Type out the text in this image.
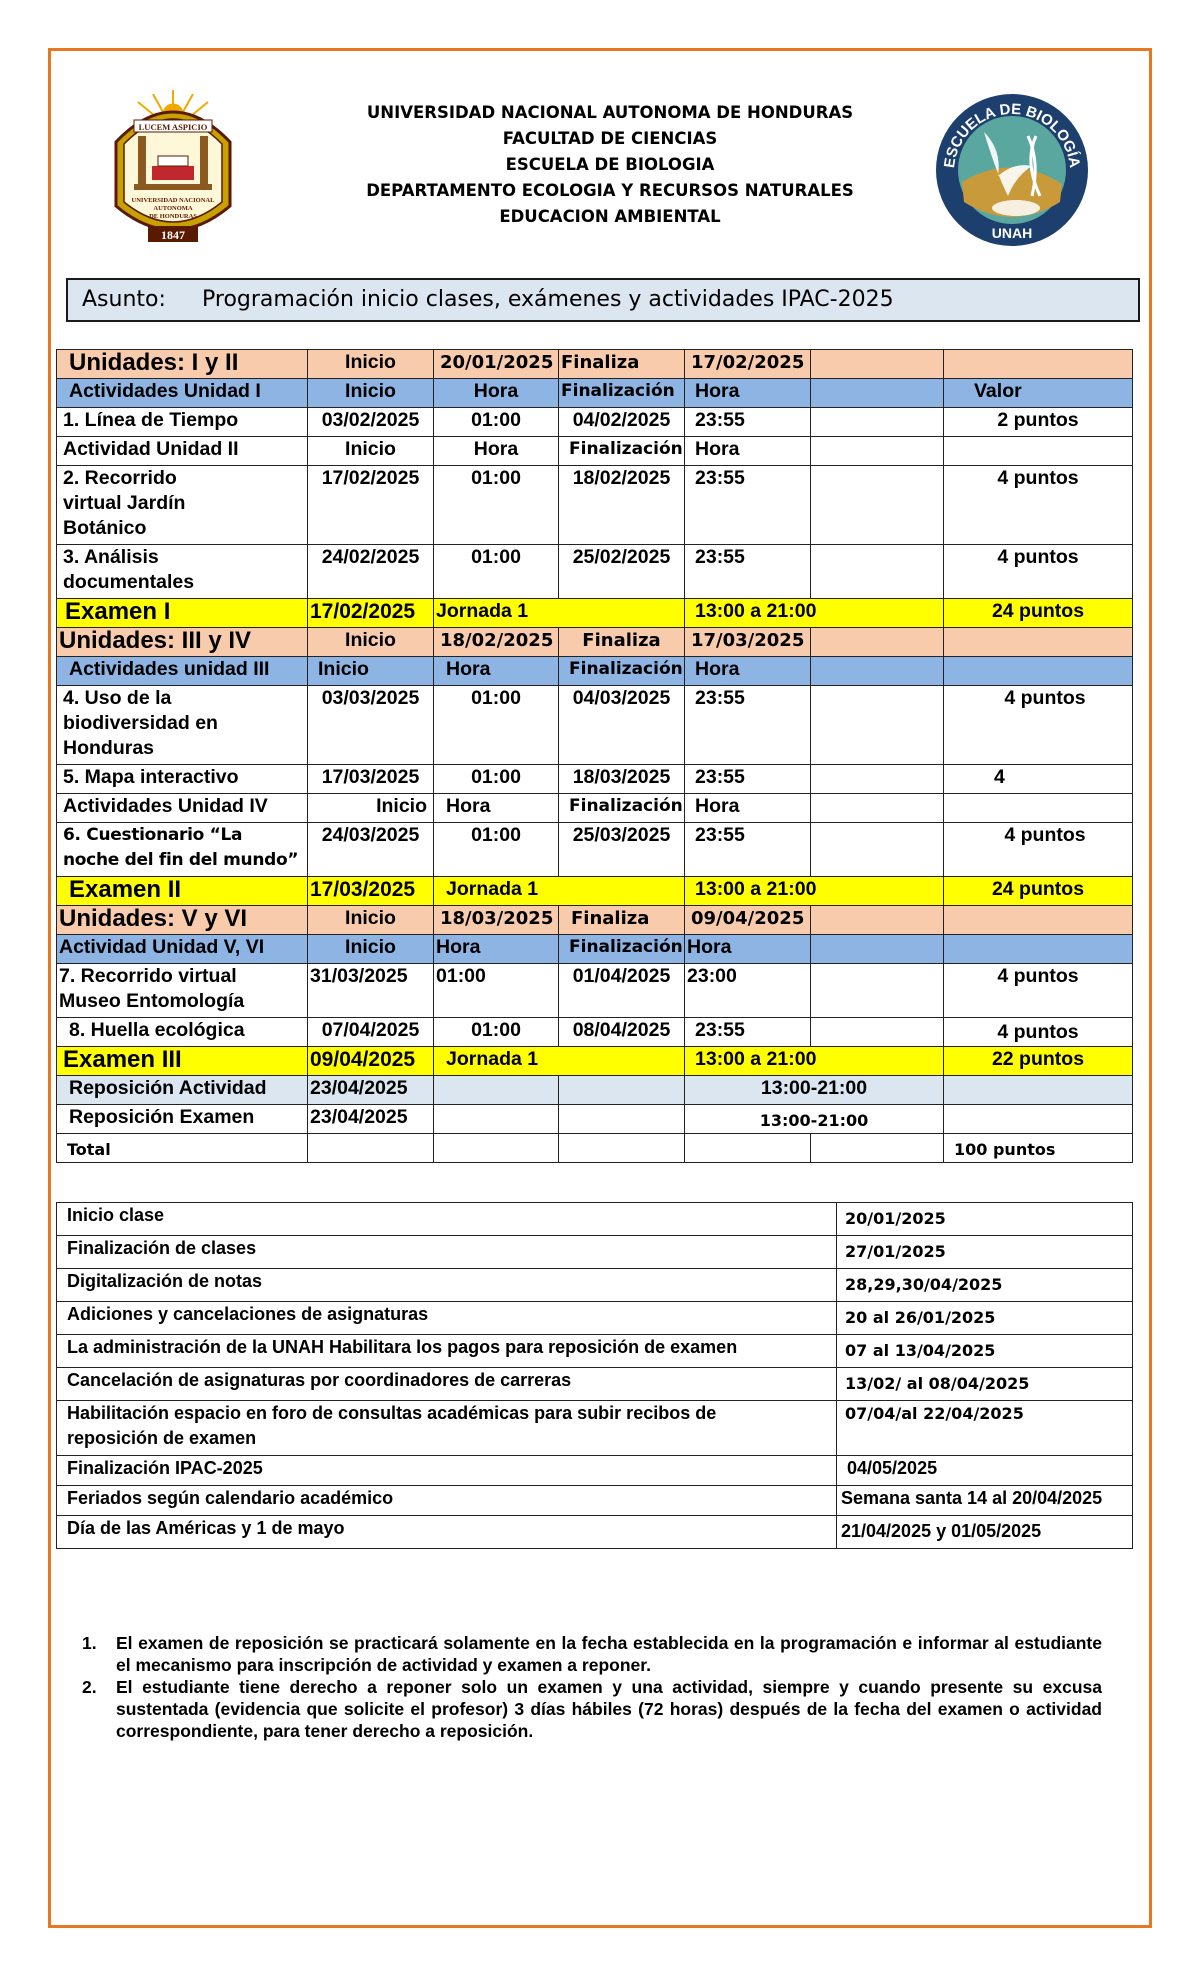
LUCEM ASPICIO
UNIVERSIDAD NACIONAL
AUTONOMA
DE HONDURAS
1847
ESCUELA DE BIOLOGÍA
UNAH
UNIVERSIDAD NACIONAL AUTONOMA DE HONDURAS
FACULTAD DE CIENCIAS
ESCUELA DE BIOLOGIA
DEPARTAMENTO ECOLOGIA Y RECURSOS NATURALES
EDUCACION AMBIENTAL
Asunto: Programación inicio clases, exámenes y actividades IPAC-2025
Unidades: I y II	Inicio	20/01/2025	Finaliza	17/02/2025		
Actividades Unidad I	Inicio	Hora	Finalización	Hora		Valor
1. Línea de Tiempo	03/02/2025	01:00	04/02/2025	23:55		2 puntos
Actividad Unidad II	Inicio	Hora	Finalización	Hora		
2. Recorrido virtual Jardín Botánico	17/02/2025	01:00	18/02/2025	23:55		4 puntos
3. Análisis documentales	24/02/2025	01:00	25/02/2025	23:55		4 puntos
Examen I	17/02/2025	Jornada 1		13:00 a 21:00		24 puntos
Unidades: III y IV	Inicio	18/02/2025	Finaliza	17/03/2025		
Actividades unidad III	Inicio	Hora	Finalización	Hora		
4. Uso de la biodiversidad en Honduras	03/03/2025	01:00	04/03/2025	23:55		4 puntos
5. Mapa interactivo	17/03/2025	01:00	18/03/2025	23:55		4
Actividades Unidad IV	Inicio	Hora	Finalización	Hora		
6. Cuestionario “La noche del fin del mundo”	24/03/2025	01:00	25/03/2025	23:55		4 puntos
Examen II	17/03/2025	Jornada 1		13:00 a 21:00		24 puntos
Unidades: V y VI	Inicio	18/03/2025	Finaliza	09/04/2025		
Actividad Unidad V, VI	Inicio	Hora	Finalización	Hora		
7. Recorrido virtual Museo Entomología	31/03/2025	01:00	01/04/2025	23:00		4 puntos
8. Huella ecológica	07/04/2025	01:00	08/04/2025	23:55		4 puntos
Examen III	09/04/2025	Jornada 1		13:00 a 21:00		22 puntos
Reposición Actividad	23/04/2025			13:00-21:00		
Reposición Examen	23/04/2025			13:00-21:00		
Total						100 puntos
Inicio clase	20/01/2025
Finalización de clases	27/01/2025
Digitalización de notas	28,29,30/04/2025
Adiciones y cancelaciones de asignaturas	20 al 26/01/2025
La administración de la UNAH Habilitara los pagos para reposición de examen	07 al 13/04/2025
Cancelación de asignaturas por coordinadores de carreras	13/02/ al 08/04/2025
Habilitación espacio en foro de consultas académicas para subir recibos de reposición de examen	07/04/al 22/04/2025
Finalización IPAC-2025	04/05/2025
Feriados según calendario académico	Semana santa 14 al 20/04/2025
Día de las Américas y 1 de mayo	21/04/2025 y 01/05/2025
1. El examen de reposición se practicará solamente en la fecha establecida en la programación e informar al estudiante el mecanismo para inscripción de actividad y examen a reponer.
2. El estudiante tiene derecho a reponer solo un examen y una actividad, siempre y cuando presente su excusa sustentada (evidencia que solicite el profesor) 3 días hábiles (72 horas) después de la fecha del examen o actividad correspondiente, para tener derecho a reposición.
